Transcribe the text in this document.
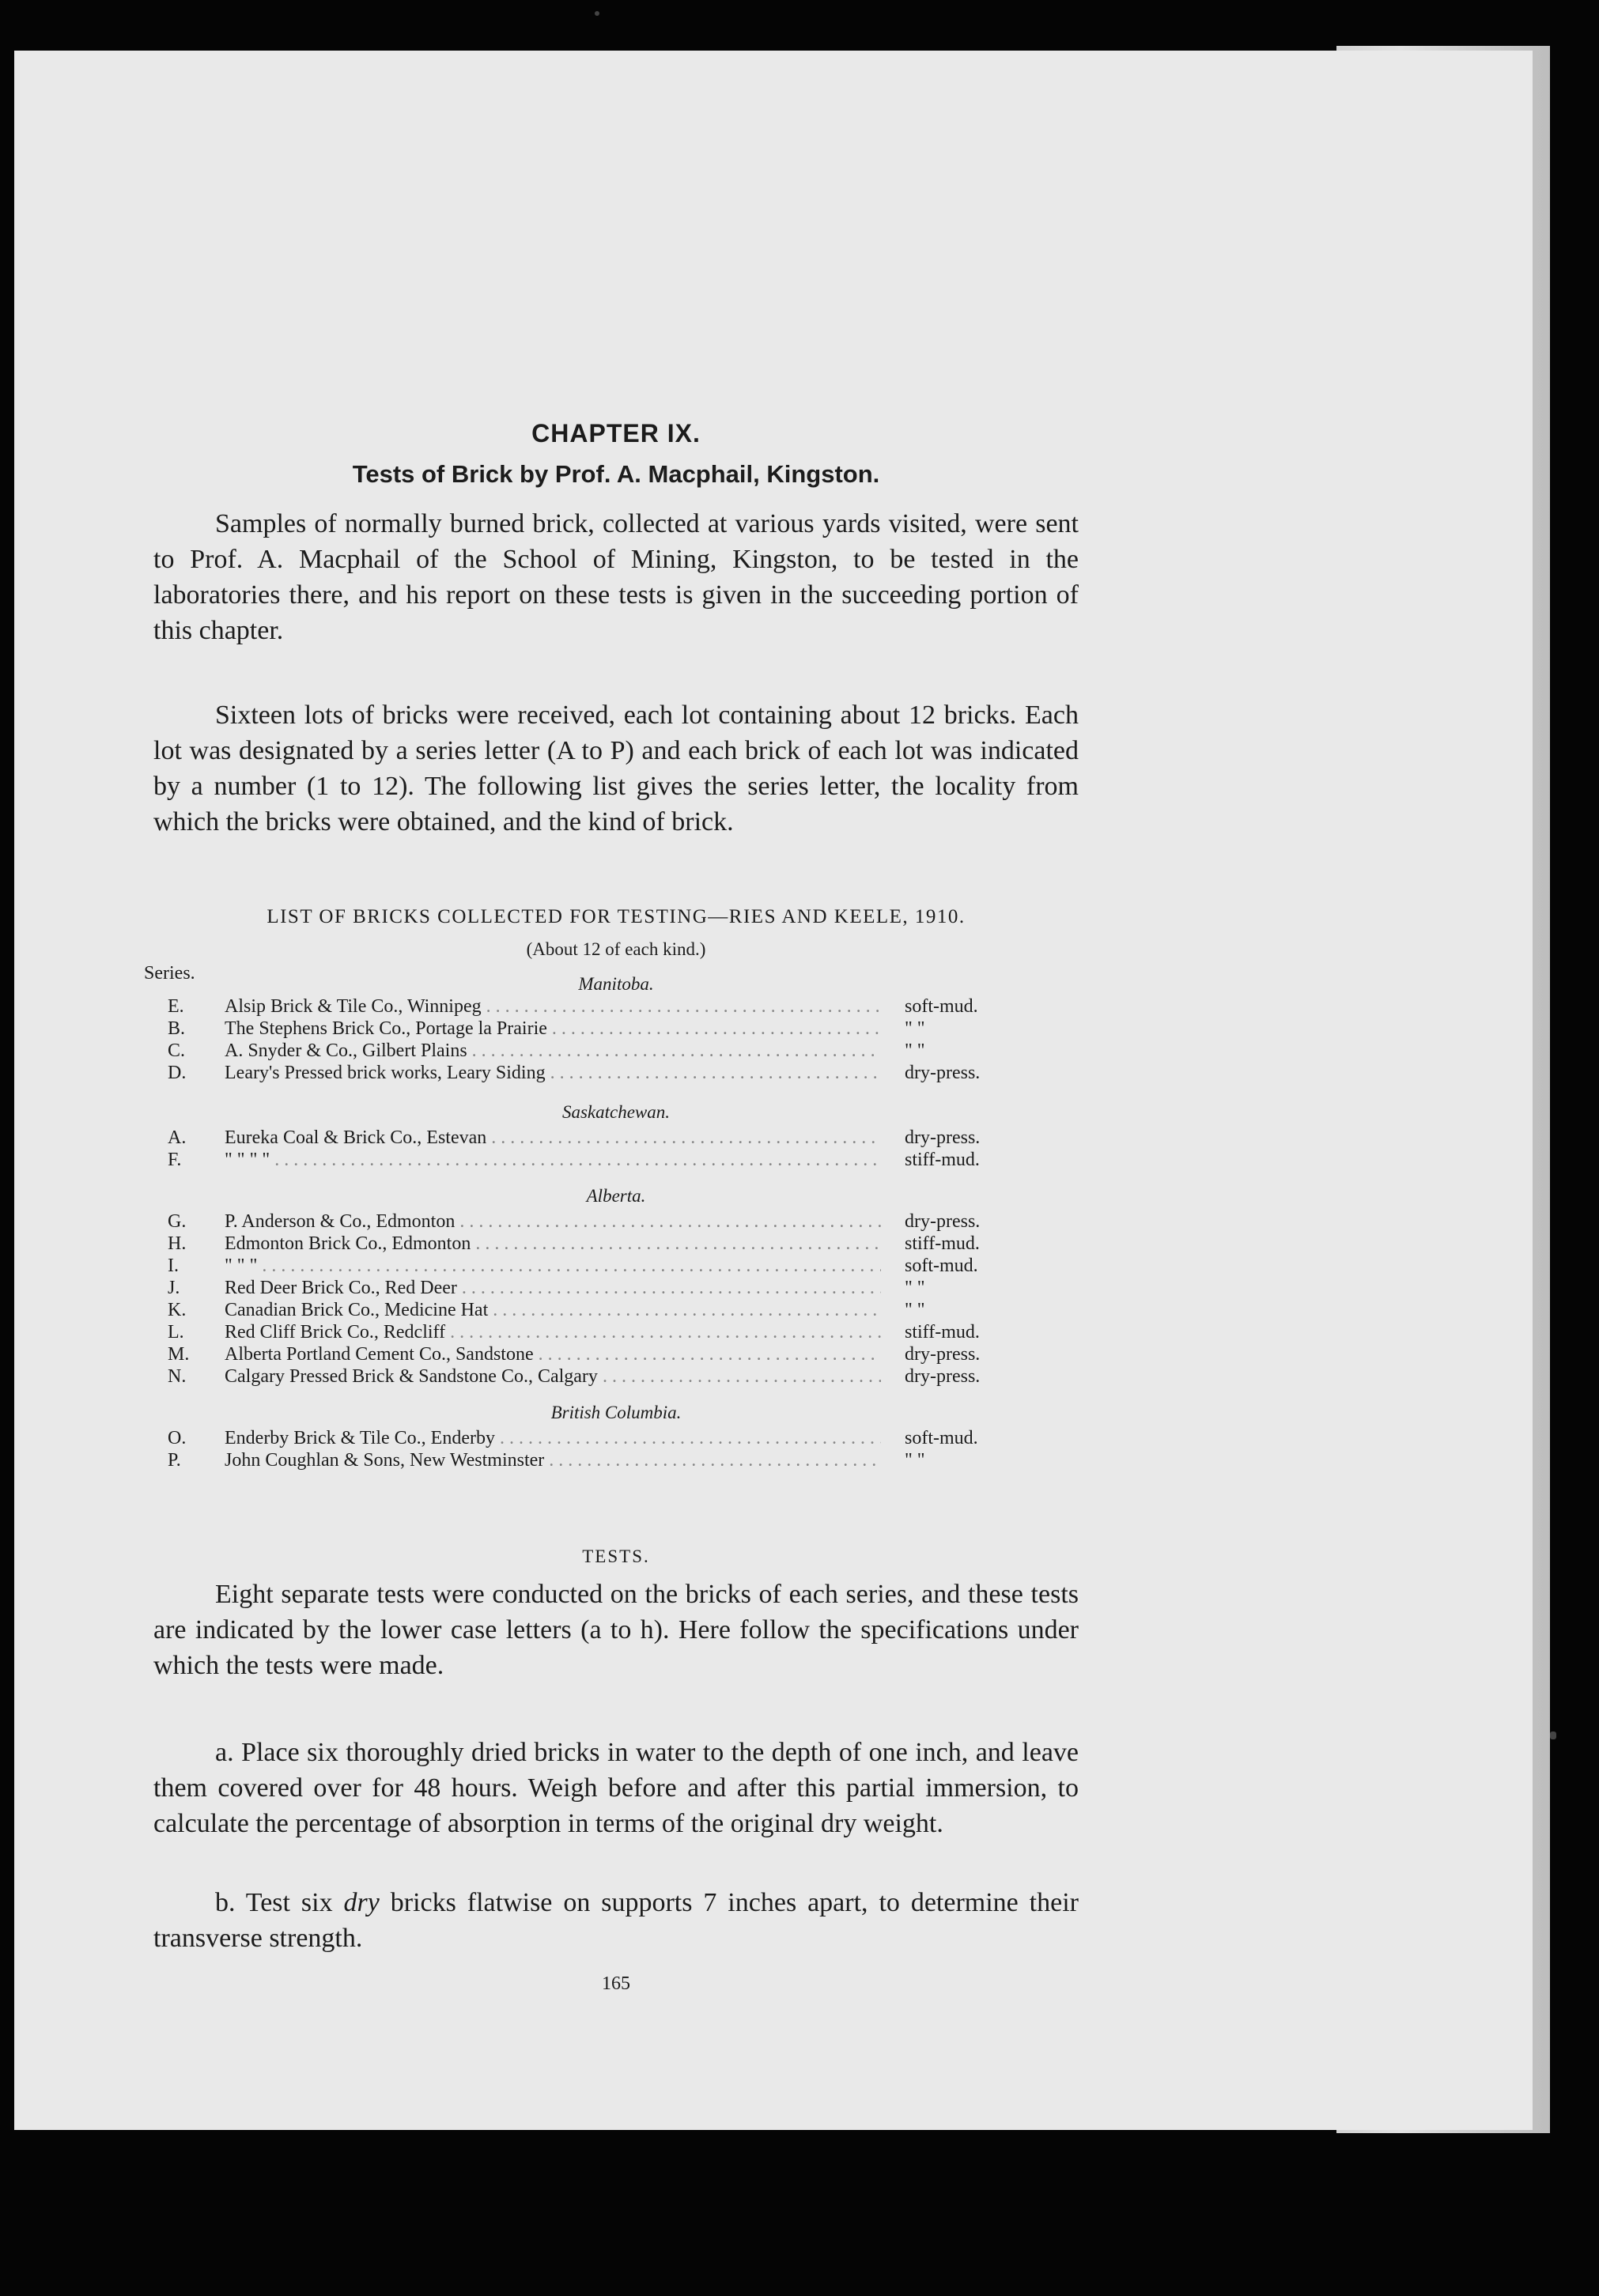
CHAPTER IX.
Tests of Brick by Prof. A. Macphail, Kingston.

Samples of normally burned brick, collected at various yards visited, were sent to Prof. A. Macphail of the School of Mining, Kingston, to be tested in the laboratories there, and his report on these tests is given in the succeeding portion of this chapter.

Sixteen lots of bricks were received, each lot containing about 12 bricks. Each lot was designated by a series letter (A to P) and each brick of each lot was indicated by a number (1 to 12). The following list gives the series letter, the locality from which the bricks were obtained, and the kind of brick.

LIST OF BRICKS COLLECTED FOR TESTING—RIES AND KEELE, 1910.
(About 12 of each kind.)
Series.
Manitoba.
E.	Alsip Brick & Tile Co., Winnipeg . . .	soft-mud.
B.	The Stephens Brick Co., Portage la Prairie . . .	" "
C.	A. Snyder & Co., Gilbert Plains . . .	" "
D.	Leary's Pressed brick works, Leary Siding . . .	dry-press.
Saskatchewan.
A.	Eureka Coal & Brick Co., Estevan . . .	dry-press.
F.	" " " " . . .	stiff-mud.
Alberta.
G.	P. Anderson & Co., Edmonton . . .	dry-press.
H.	Edmonton Brick Co., Edmonton . . .	stiff-mud.
I.	" " " . . .	soft-mud.
J.	Red Deer Brick Co., Red Deer . . .	" "
K.	Canadian Brick Co., Medicine Hat . . .	" "
L.	Red Cliff Brick Co., Redcliff . . .	stiff-mud.
M.	Alberta Portland Cement Co., Sandstone . . .	dry-press.
N.	Calgary Pressed Brick & Sandstone Co., Calgary . . .	dry-press.
British Columbia.
O.	Enderby Brick & Tile Co., Enderby . . .	soft-mud.
P.	John Coughlan & Sons, New Westminster . . .	" "
TESTS.

Eight separate tests were conducted on the bricks of each series, and these tests are indicated by the lower case letters (a to h). Here follow the specifications under which the tests were made.

a. Place six thoroughly dried bricks in water to the depth of one inch, and leave them covered over for 48 hours. Weigh before and after this partial immersion, to calculate the percentage of absorption in terms of the original dry weight.

b. Test six dry bricks flatwise on supports 7 inches apart, to determine their transverse strength.

165
